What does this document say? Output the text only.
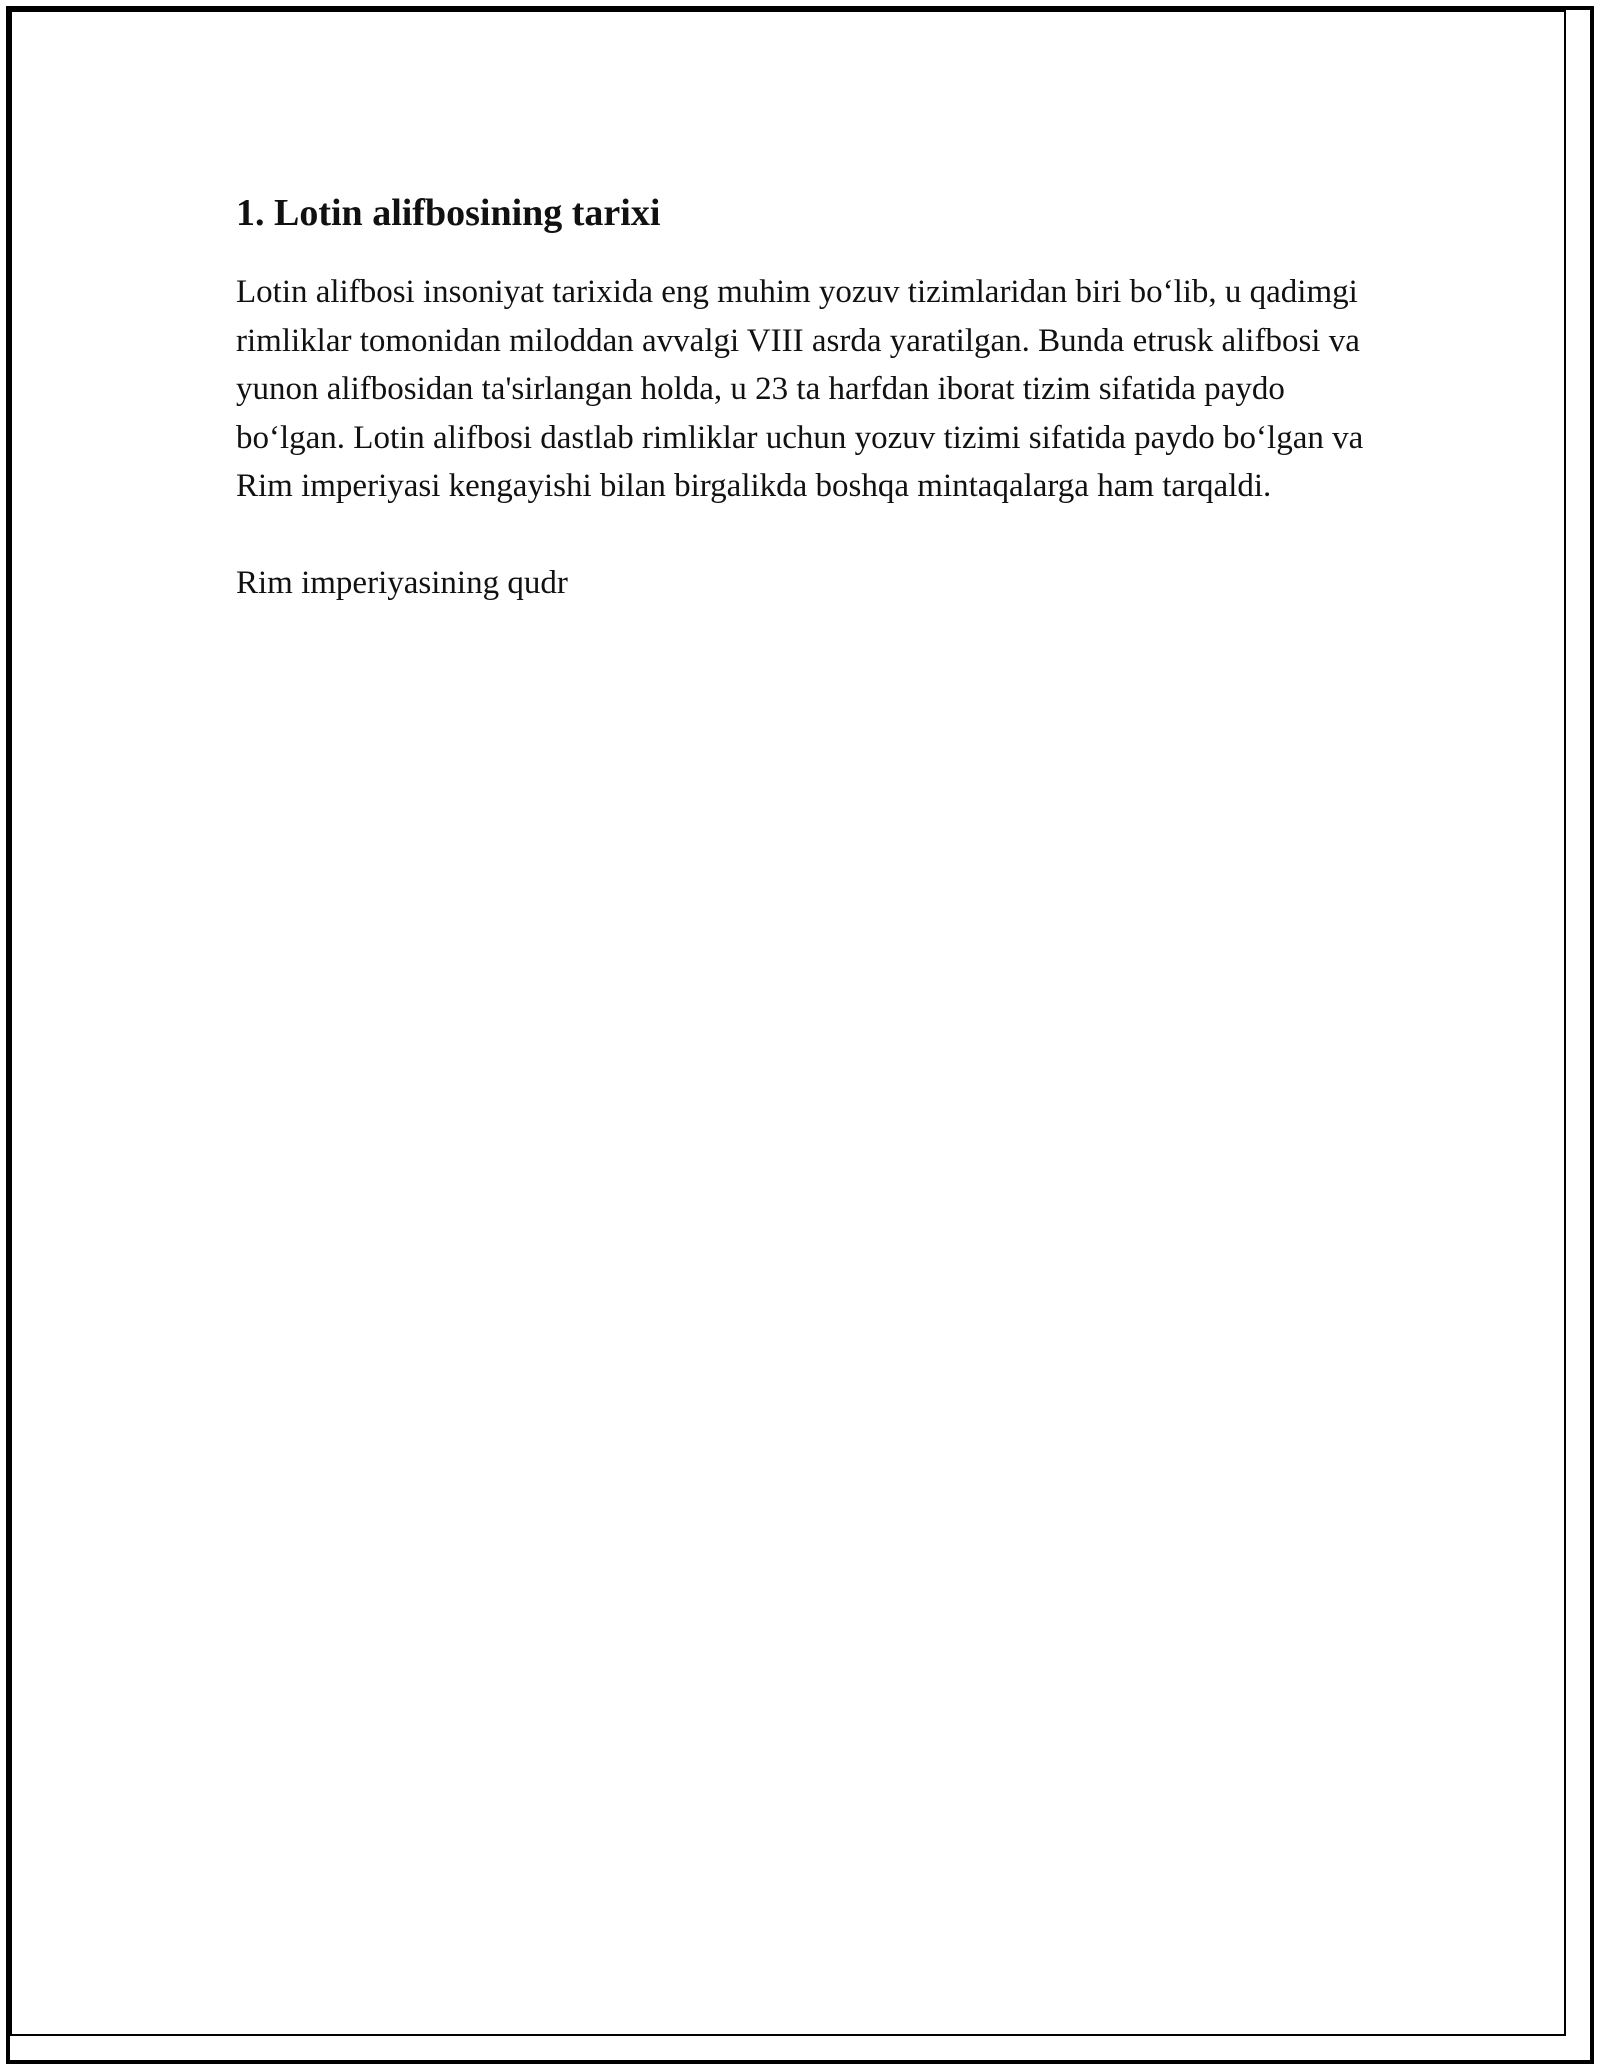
1. Lotin alifbosining tarixi

Lotin alifbosi insoniyat tarixida eng muhim yozuv tizimlaridan biri bo‘lib, u qadimgi rimliklar tomonidan miloddan avvalgi VIII asrda yaratilgan. Bunda etrusk alifbosi va yunon alifbosidan ta'sirlangan holda, u 23 ta harfdan iborat tizim sifatida paydo bo‘lgan. Lotin alifbosi dastlab rimliklar uchun yozuv tizimi sifatida paydo bo‘lgan va Rim imperiyasi kengayishi bilan birgalikda boshqa mintaqalarga ham tarqaldi.

Rim imperiyasining qudr
